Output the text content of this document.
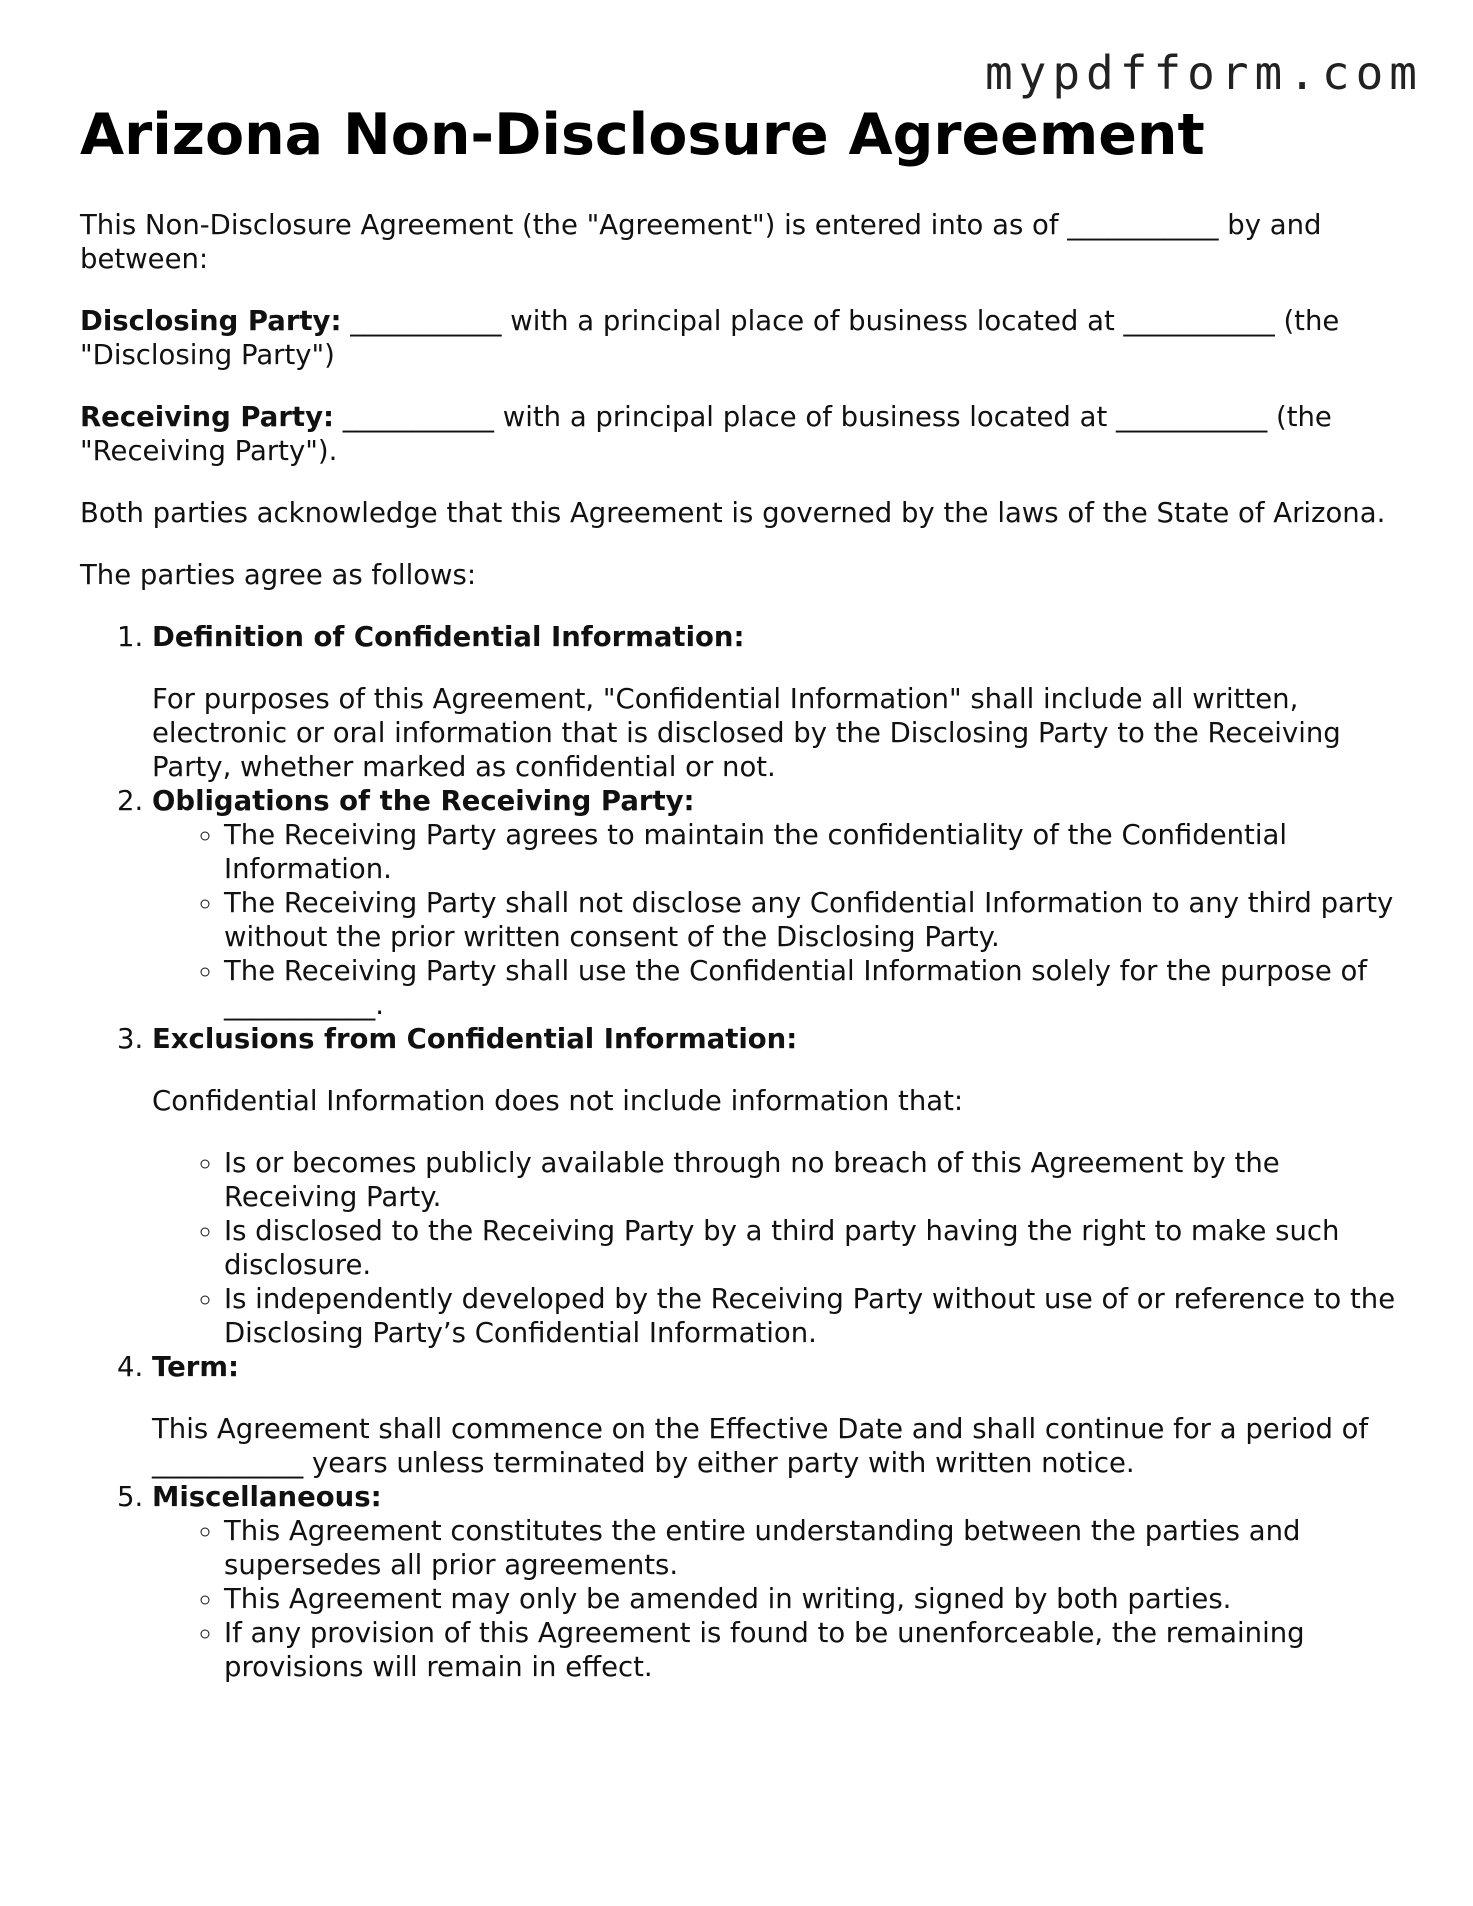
mypdfform.com
Arizona Non-Disclosure Agreement

This Non-Disclosure Agreement (the "Agreement") is entered into as of ___________ by and between:

Disclosing Party: ___________ with a principal place of business located at ___________ (the "Disclosing Party")

Receiving Party: ___________ with a principal place of business located at ___________ (the "Receiving Party").

Both parties acknowledge that this Agreement is governed by the laws of the State of Arizona.

The parties agree as follows:

1. Definition of Confidential Information:
For purposes of this Agreement, "Confidential Information" shall include all written, electronic or oral information that is disclosed by the Disclosing Party to the Receiving Party, whether marked as confidential or not.
2. Obligations of the Receiving Party:
◦ The Receiving Party agrees to maintain the confidentiality of the Confidential Information.
◦ The Receiving Party shall not disclose any Confidential Information to any third party without the prior written consent of the Disclosing Party.
◦ The Receiving Party shall use the Confidential Information solely for the purpose of ___________.
3. Exclusions from Confidential Information:
Confidential Information does not include information that:
◦ Is or becomes publicly available through no breach of this Agreement by the Receiving Party.
◦ Is disclosed to the Receiving Party by a third party having the right to make such disclosure.
◦ Is independently developed by the Receiving Party without use of or reference to the Disclosing Party’s Confidential Information.
4. Term:
This Agreement shall commence on the Effective Date and shall continue for a period of ___________ years unless terminated by either party with written notice.
5. Miscellaneous:
◦ This Agreement constitutes the entire understanding between the parties and supersedes all prior agreements.
◦ This Agreement may only be amended in writing, signed by both parties.
◦ If any provision of this Agreement is found to be unenforceable, the remaining provisions will remain in effect.
